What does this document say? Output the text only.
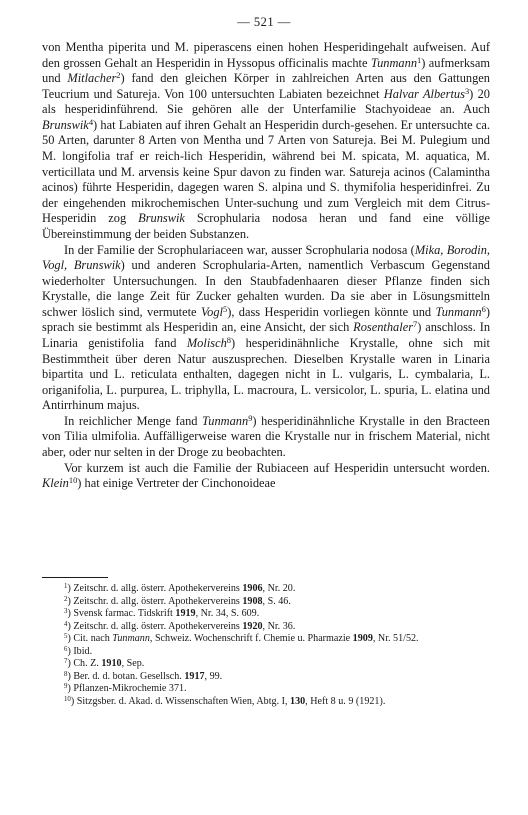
— 521 —

von Mentha piperita und M. piperascens einen hohen Hesperidingehalt aufweisen. Auf den grossen Gehalt an Hesperidin in Hyssopus officinalis machte Tunmann$^1$) aufmerksam und Mitlacher$^2$) fand den gleichen Körper in zahlreichen Arten aus den Gattungen Teucrium und Satureja. Von 100 untersuchten Labiaten bezeichnet Halvar Albertus$^3$) 20 als hesperidinführend. Sie gehören alle der Unterfamilie Stachyoideae an. Auch Brunswik$^4$) hat Labiaten auf ihren Gehalt an Hesperidin durch-gesehen. Er untersuchte ca. 50 Arten, darunter 8 Arten von Mentha und 7 Arten von Satureja. Bei M. Pulegium und M. longifolia traf er reich-lich Hesperidin, während bei M. spicata, M. aquatica, M. verticillata und M. arvensis keine Spur davon zu finden war. Satureja acinos (Calamintha acinos) führte Hesperidin, dagegen waren S. alpina und S. thymifolia hesperidinfrei. Zu der eingehenden mikrochemischen Unter-suchung und zum Vergleich mit dem Citrus-Hesperidin zog Brunswik Scrophularia nodosa heran und fand eine völlige Übereinstimmung der beiden Substanzen.

In der Familie der Scrophulariaceen war, ausser Scrophularia nodosa (Mika, Borodin, Vogl, Brunswik) und anderen Scrophularia-Arten, namentlich Verbascum Gegenstand wiederholter Untersuchungen. In den Staubfadenhaaren dieser Pflanze finden sich Krystalle, die lange Zeit für Zucker gehalten wurden. Da sie aber in Lösungsmitteln schwer löslich sind, vermutete Vogl$^5$), dass Hesperidin vorliegen könnte und Tunmann$^6$) sprach sie bestimmt als Hesperidin an, eine Ansicht, der sich Rosenthaler$^7$) anschloss. In Linaria genistifolia fand Molisch$^8$) hesperidinähnliche Krystalle, ohne sich mit Bestimmtheit über deren Natur auszusprechen. Dieselben Krystalle waren in Linaria bipartita und L. reticulata enthalten, dagegen nicht in L. vulgaris, L. cymbalaria, L. origanifolia, L. purpurea, L. triphylla, L. macroura, L. versicolor, L. spuria, L. elatina und Antirrhinum majus.

In reichlicher Menge fand Tunmann$^9$) hesperidinähnliche Krystalle in den Bracteen von Tilia ulmifolia. Auffälligerweise waren die Krystalle nur in frischem Material, nicht aber, oder nur selten in der Droge zu beobachten.

Vor kurzem ist auch die Familie der Rubiaceen auf Hesperidin untersucht worden. Klein$^{10}$) hat einige Vertreter der Cinchonoideae

$^1$) Zeitschr. d. allg. österr. Apothekervereins 1906, Nr. 20.

$^2$) Zeitschr. d. allg. österr. Apothekervereins 1908, S. 46.

$^3$) Svensk farmac. Tidskrift 1919, Nr. 34, S. 609.

$^4$) Zeitschr. d. allg. österr. Apothekervereins 1920, Nr. 36.

$^5$) Cit. nach Tunmann, Schweiz. Wochenschrift f. Chemie u. Pharmazie 1909, Nr. 51/52.

$^6$) Ibid.

$^7$) Ch. Z. 1910, Sep.

$^8$) Ber. d. d. botan. Gesellsch. 1917, 99.

$^9$) Pflanzen-Mikrochemie 371.

$^{10}$) Sitzgsber. d. Akad. d. Wissenschaften Wien, Abtg. I, 130, Heft 8 u. 9 (1921).
